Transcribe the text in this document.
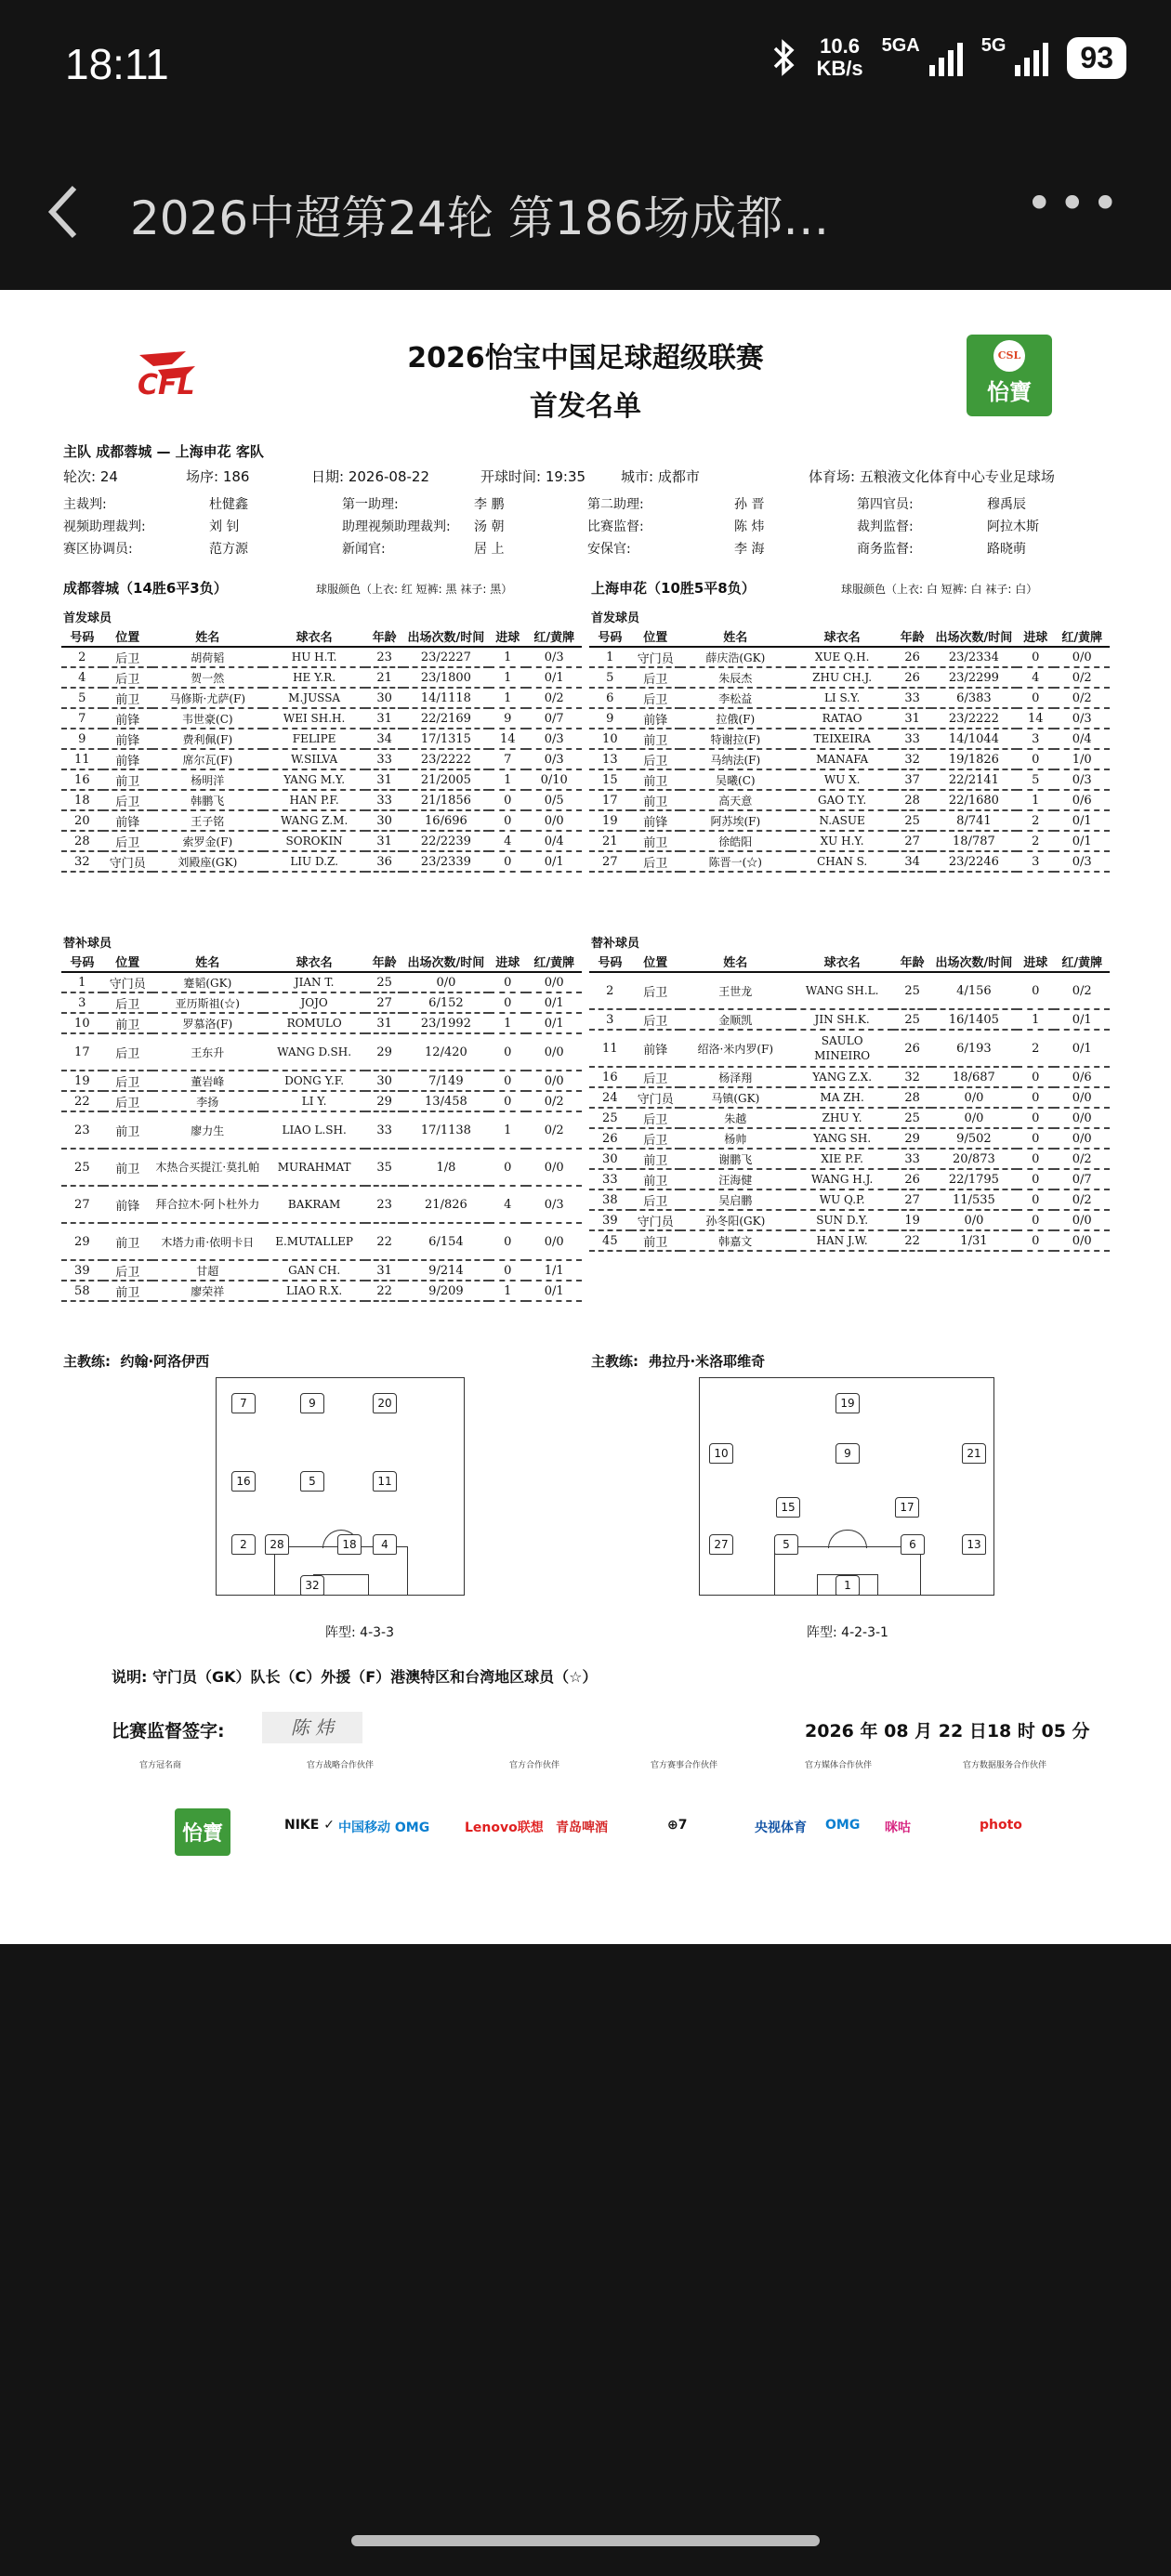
18:11	10.6
KB/s
5GA	5G	93
2026中超第24轮 第186场成都…	•••
CFL
CSL
怡寶
2026怡宝中国足球超级联赛
首发名单
主队 成都蓉城 — 上海申花 客队
轮次: 24	场序: 186	日期: 2026-08-22	开球时间: 19:35	城市: 成都市	体育场: 五粮液文化体育中心专业足球场
主裁判:	杜健鑫	第一助理:	李 鹏	第二助理:	孙 晋	第四官员:	穆禹辰
视频助理裁判:	刘 钊	助理视频助理裁判: 汤 朝	比赛监督:	陈 炜	裁判监督:	阿拉木斯
赛区协调员:	范方源	新闻官:	居 上	安保官:	李 海	商务监督:	路晓萌
成都蓉城（14胜6平3负）	球服颜色（上衣: 红 短裤: 黑 袜子: 黑）	上海申花（10胜5平8负）	球服颜色（上衣: 白 短裤: 白 袜子: 白）
首发球员	首发球员
号码	位置	姓名	球衣名	年龄	出场次数/时间	进球	红/黄牌
2	后卫	胡荷韬	HU H.T.	23	23/2227	1	0/3
4	后卫	贺一然	HE Y.R.	21	23/1800	1	0/1
5	前卫	马修斯·尤萨(F)	M.JUSSA	30	14/1118	1	0/2
7	前锋	韦世豪(C)	WEI SH.H.	31	22/2169	9	0/7
9	前锋	费利佩(F)	FELIPE	34	17/1315	14	0/3
11	前锋	席尔瓦(F)	W.SILVA	33	23/2222	7	0/3
16	前卫	杨明洋	YANG M.Y.	31	21/2005	1	0/10
18	后卫	韩鹏飞	HAN P.F.	33	21/1856	0	0/5
20	前锋	王子铭	WANG Z.M.	30	16/696	0	0/0
28	后卫	索罗金(F)	SOROKIN	31	22/2239	4	0/4
32	守门员	刘殿座(GK)	LIU D.Z.	36	23/2339	0	0/1
号码	位置	姓名	球衣名	年龄	出场次数/时间	进球	红/黄牌
1	守门员	薛庆浩(GK)	XUE Q.H.	26	23/2334	0	0/0
5	后卫	朱辰杰	ZHU CH.J.	26	23/2299	4	0/2
6	后卫	李松益	LI S.Y.	33	6/383	0	0/2
9	前锋	拉俄(F)	RATAO	31	23/2222	14	0/3
10	前卫	特谢拉(F)	TEIXEIRA	33	14/1044	3	0/4
13	后卫	马纳法(F)	MANAFA	32	19/1826	0	1/0
15	前卫	吴曦(C)	WU X.	37	22/2141	5	0/3
17	前卫	高天意	GAO T.Y.	28	22/1680	1	0/6
19	前锋	阿苏埃(F)	N.ASUE	25	8/741	2	0/1
21	前卫	徐皓阳	XU H.Y.	27	18/787	2	0/1
27	后卫	陈晋一(☆)	CHAN S.	34	23/2246	3	0/3
替补球员	替补球员
号码	位置	姓名	球衣名	年龄	出场次数/时间	进球	红/黄牌
1	守门员	蹇韬(GK)	JIAN T.	25	0/0	0	0/0
3	后卫	亚历斯祖(☆)	JOJO	27	6/152	0	0/1
10	前卫	罗慕洛(F)	ROMULO	31	23/1992	1	0/1
17	后卫	王东升	WANG D.SH.	29	12/420	0	0/0
19	后卫	董岩峰	DONG Y.F.	30	7/149	0	0/0
22	后卫	李扬	LI Y.	29	13/458	0	0/2
23	前卫	廖力生	LIAO L.SH.	33	17/1138	1	0/2
25	前卫	木热合买提江·莫扎帕	MURAHMAT	35	1/8	0	0/0
27	前锋	拜合拉木·阿卜杜外力	BAKRAM	23	21/826	4	0/3
29	前卫	木塔力甫·依明卡日	E.MUTALLEP	22	6/154	0	0/0
39	后卫	甘超	GAN CH.	31	9/214	0	1/1
58	前卫	廖荣祥	LIAO R.X.	22	9/209	1	0/1
号码	位置	姓名	球衣名	年龄	出场次数/时间	进球	红/黄牌
2	后卫	王世龙	WANG SH.L.	25	4/156	0	0/2
3	后卫	金顺凯	JIN SH.K.	25	16/1405	1	0/1
11	前锋	绍洛·米内罗(F)	SAULO MINEIRO	26	6/193	2	0/1
16	后卫	杨泽翔	YANG Z.X.	32	18/687	0	0/6
24	守门员	马镇(GK)	MA ZH.	28	0/0	0	0/0
25	后卫	朱越	ZHU Y.	25	0/0	0	0/0
26	后卫	杨帅	YANG SH.	29	9/502	0	0/0
30	前卫	谢鹏飞	XIE P.F.	33	20/873	0	0/2
33	前卫	汪海健	WANG H.J.	26	22/1795	0	0/7
38	后卫	吴启鹏	WU Q.P.	27	11/535	0	0/2
39	守门员	孙冬阳(GK)	SUN D.Y.	19	0/0	0	0/0
45	前卫	韩嘉文	HAN J.W.	22	1/31	0	0/0
主教练: 约翰·阿洛伊西	主教练: 弗拉丹·米洛耶维奇
7	9	20
16	5	11
2	28	18	4
32
19
10	9	21
15	17
27	5	6	13
1
阵型: 4-3-3	阵型: 4-2-3-1
说明: 守门员（GK）队长（C）外援（F）港澳特区和台湾地区球员（☆）
比赛监督签字:	陈 炜	2026 年 08 月 22 日18 时 05 分
官方冠名商	官方战略合作伙伴	官方合作伙伴	官方赛事合作伙伴	官方媒体合作伙伴	官方数据服务合作伙伴
怡寶	NIKE ✓ 中国移动 OMG	Lenovo联想 青岛啤酒	⊕7	央视体育 OMG 咪咕	photo
